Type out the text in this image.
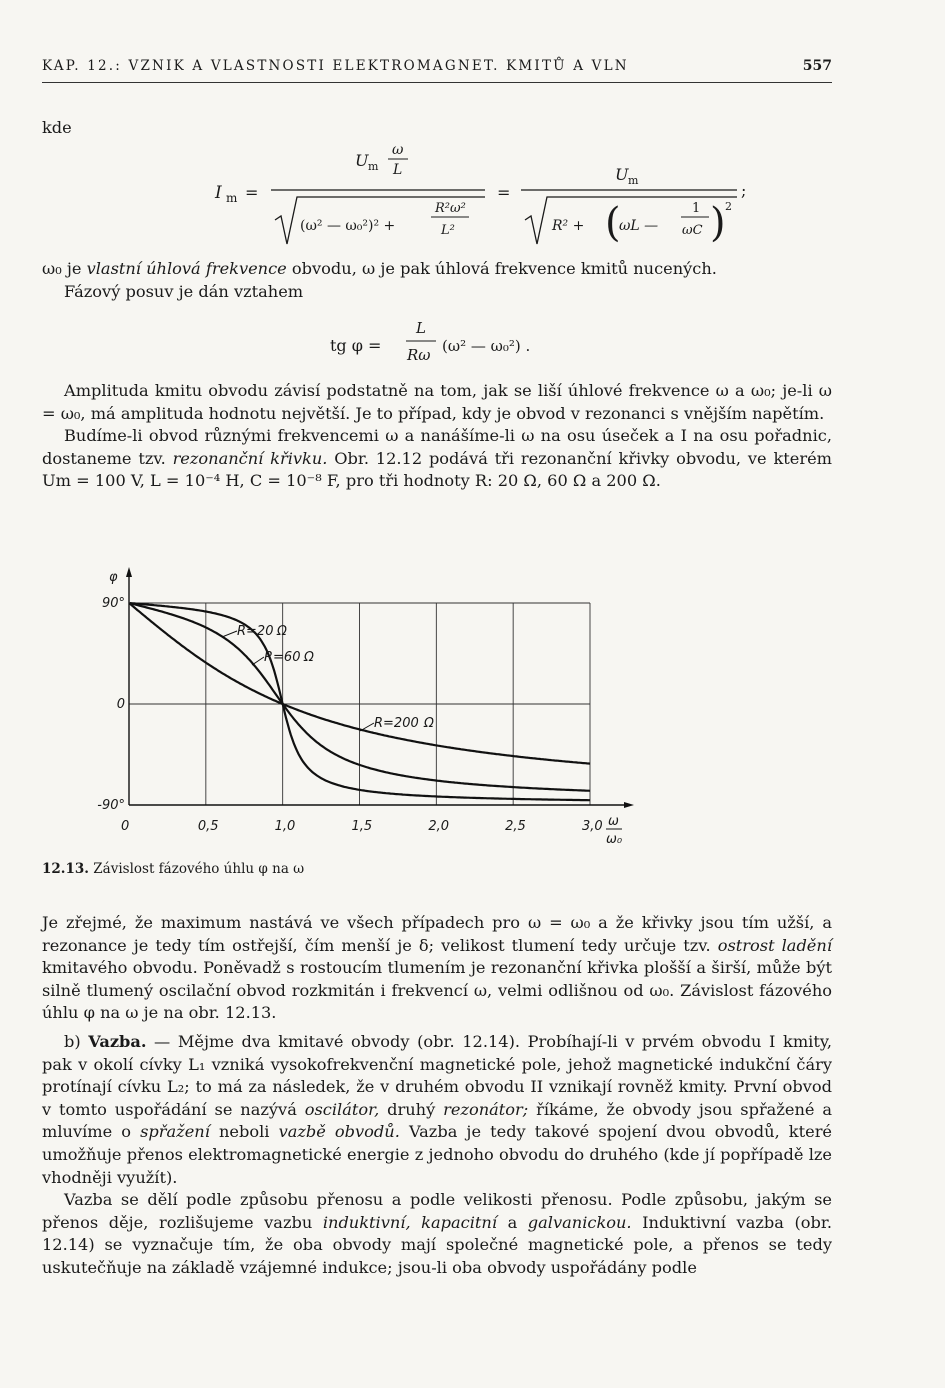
KAP. 12.: VZNIK A VLASTNOSTI ELEKTROMAGNET. KMITŮ A VLN	557

kde

I m =
U m
ω
L
(ω² — ω₀²)² +
R²ω²
L²
=
U m
R² + (
ωL —
1
ωC ) 2
;

ω₀ je vlastní úhlová frekvence obvodu, ω je pak úhlová frekvence kmitů nucených.

Fázový posuv je dán vztahem

tg φ =
L
Rω (ω² — ω₀²) .

Amplituda kmitu obvodu závisí podstatně na tom, jak se liší úhlové frekvence ω a ω₀; je-li ω = ω₀, má amplituda hodnotu největší. Je to případ, kdy je obvod v rezonanci s vnějším napětím.

Budíme-li obvod různými frekvencemi ω a nanášíme-li ω na osu úseček a I na osu pořadnic, dostaneme tzv. rezonanční křivku. Obr. 12.12 podává tři rezonanční křivky obvodu, ve kterém Um = 100 V, L = 10⁻⁴ H, C = 10⁻⁸ F, pro tři hodnoty R: 20 Ω, 60 Ω a 200 Ω.

φ
ω
ω₀
0	0,5	1,0	1,5	2,0	2,5	3,0
90°
0
-90°
R=20 Ω
R=60 Ω
R=200 Ω
12.13. Závislost fázového úhlu φ na ω

Je zřejmé, že maximum nastává ve všech případech pro ω = ω₀ a že křivky jsou tím užší, a rezonance je tedy tím ostřejší, čím menší je δ; velikost tlumení tedy určuje tzv.

ostrost ladění kmitavého obvodu. Poněvadž s rostoucím tlumením je rezonanční křivka plošší a širší, může být silně tlumený oscilační obvod rozkmitán i frekvencí ω, velmi odlišnou od ω₀. Závislost fázového úhlu φ na ω je na obr. 12.13.

b) Vazba. — Mějme dva kmitavé obvody (obr. 12.14). Probíhají-li v prvém obvodu I kmity, pak v okolí cívky L₁ vzniká vysokofrekvenční magnetické pole, jehož magnetické indukční čáry protínají cívku L₂; to má za následek, že v druhém obvodu II vznikají rovněž kmity. První obvod v tomto uspořádání se nazývá oscilátor, druhý rezonátor; říkáme, že obvody jsou spřažené a mluvíme o spřažení neboli vazbě obvodů. Vazba je tedy takové spojení dvou obvodů, které umožňuje přenos elektromagnetické energie z jednoho obvodu do druhého (kde jí popřípadě lze vhodněji využít).

Vazba se dělí podle způsobu přenosu a podle velikosti přenosu. Podle způsobu, jakým se přenos děje, rozlišujeme vazbu induktivní, kapacitní a galvanickou. Induktivní vazba (obr. 12.14) se vyznačuje tím, že oba obvody mají společné magnetické pole, a přenos se tedy uskutečňuje na základě vzájemné indukce; jsou-li oba obvody uspořádány podle
